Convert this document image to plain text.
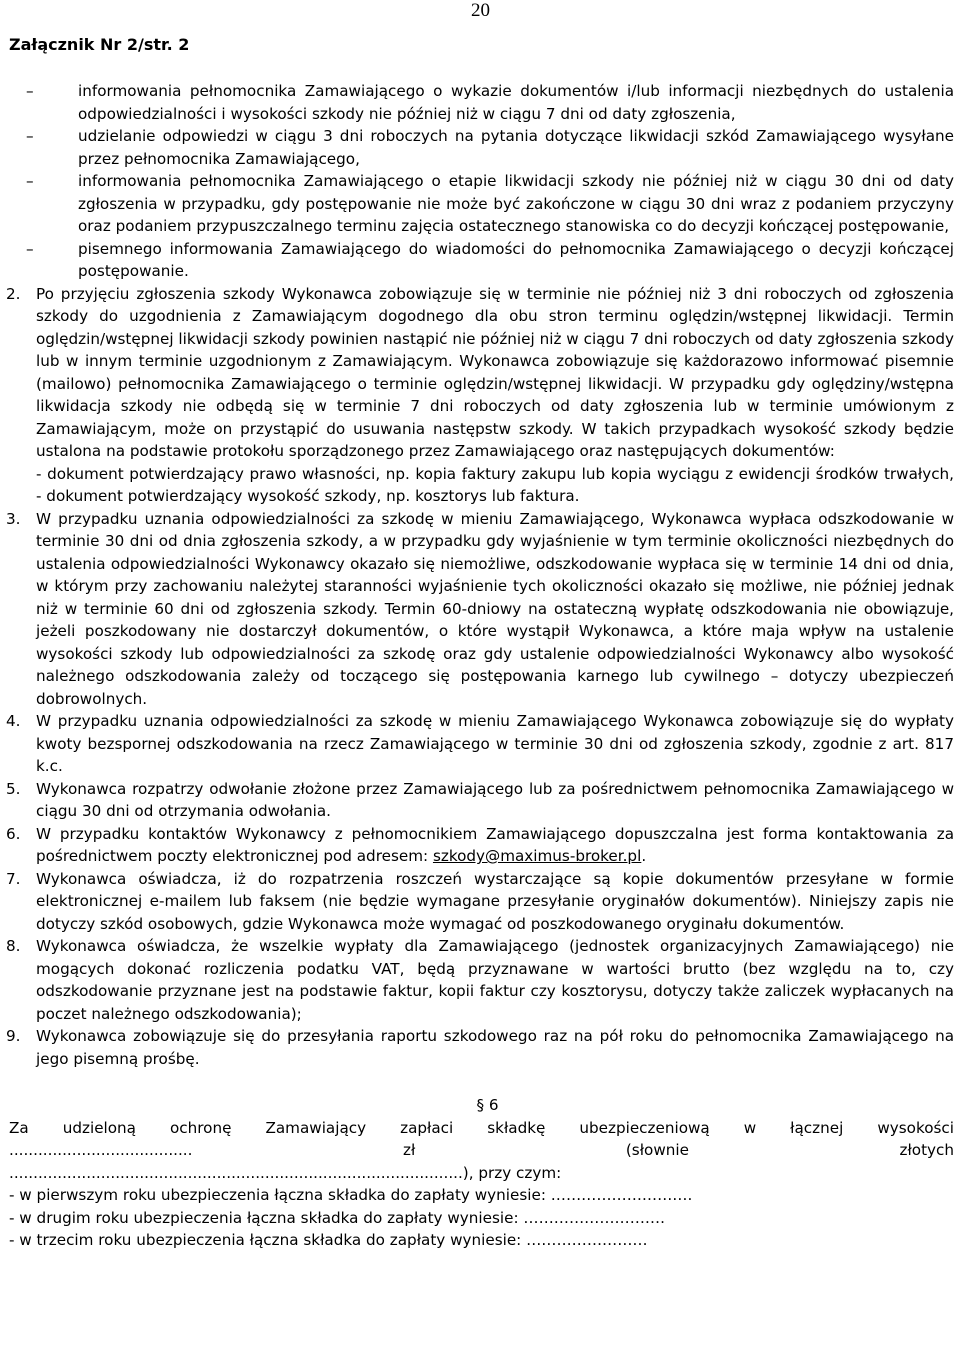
20
Załącznik Nr 2/str. 2
–	informowania pełnomocnika Zamawiającego o wykazie dokumentów i/lub informacji niezbędnych do ustalenia odpowiedzialności i wysokości szkody nie później niż w ciągu 7 dni od daty zgłoszenia,
–	udzielanie odpowiedzi w ciągu 3 dni roboczych na pytania dotyczące likwidacji szkód Zamawiającego wysyłane przez pełnomocnika Zamawiającego,
–	informowania pełnomocnika Zamawiającego o etapie likwidacji szkody nie później niż w ciągu 30 dni od daty zgłoszenia w przypadku, gdy postępowanie nie może być zakończone w ciągu 30 dni wraz z podaniem przyczyny oraz podaniem przypuszczalnego terminu zajęcia ostatecznego stanowiska co do decyzji kończącej postępowanie,
–	pisemnego informowania Zamawiającego do wiadomości do pełnomocnika Zamawiającego o decyzji kończącej postępowanie.
2. Po przyjęciu zgłoszenia szkody Wykonawca zobowiązuje się w terminie nie później niż 3 dni roboczych od zgłoszenia szkody do uzgodnienia z Zamawiającym dogodnego dla obu stron terminu oględzin/wstępnej likwidacji. Termin oględzin/wstępnej likwidacji szkody powinien nastąpić nie później niż w ciągu 7 dni roboczych od daty zgłoszenia szkody lub w innym terminie uzgodnionym z Zamawiającym. Wykonawca zobowiązuje się każdorazowo informować pisemnie (mailowo) pełnomocnika Zamawiającego o terminie oględzin/wstępnej likwidacji. W przypadku gdy oględziny/wstępna likwidacja szkody nie odbędą się w terminie 7 dni roboczych od daty zgłoszenia lub w terminie umówionym z Zamawiającym, może on przystąpić do usuwania następstw szkody. W takich przypadkach wysokość szkody będzie ustalona na podstawie protokołu sporządzonego przez Zamawiającego oraz następujących dokumentów:
- dokument potwierdzający prawo własności, np. kopia faktury zakupu lub kopia wyciągu z ewidencji środków trwałych,
- dokument potwierdzający wysokość szkody, np. kosztorys lub faktura.
3. W przypadku uznania odpowiedzialności za szkodę w mieniu Zamawiającego, Wykonawca wypłaca odszkodowanie w terminie 30 dni od dnia zgłoszenia szkody, a w przypadku gdy wyjaśnienie w tym terminie okoliczności niezbędnych do ustalenia odpowiedzialności Wykonawcy okazało się niemożliwe, odszkodowanie wypłaca się w terminie 14 dni od dnia, w którym przy zachowaniu należytej staranności wyjaśnienie tych okoliczności okazało się możliwe, nie później jednak niż w terminie 60 dni od zgłoszenia szkody. Termin 60-dniowy na ostateczną wypłatę odszkodowania nie obowiązuje, jeżeli poszkodowany nie dostarczył dokumentów, o które wystąpił Wykonawca, a które maja wpływ na ustalenie wysokości szkody lub odpowiedzialności za szkodę oraz gdy ustalenie odpowiedzialności Wykonawcy albo wysokość należnego odszkodowania zależy od toczącego się postępowania karnego lub cywilnego – dotyczy ubezpieczeń dobrowolnych.
4. W przypadku uznania odpowiedzialności za szkodę w mieniu Zamawiającego Wykonawca zobowiązuje się do wypłaty kwoty bezspornej odszkodowania na rzecz Zamawiającego w terminie 30 dni od zgłoszenia szkody, zgodnie z art. 817 k.c.
5. Wykonawca rozpatrzy odwołanie złożone przez Zamawiającego lub za pośrednictwem pełnomocnika Zamawiającego w ciągu 30 dni od otrzymania odwołania.
6. W przypadku kontaktów Wykonawcy z pełnomocnikiem Zamawiającego dopuszczalna jest forma kontaktowania za pośrednictwem poczty elektronicznej pod adresem: szkody@maximus-broker.pl.
7. Wykonawca oświadcza, iż do rozpatrzenia roszczeń wystarczające są kopie dokumentów przesyłane w formie elektronicznej e-mailem lub faksem (nie będzie wymagane przesyłanie oryginałów dokumentów). Niniejszy zapis nie dotyczy szkód osobowych, gdzie Wykonawca może wymagać od poszkodowanego oryginału dokumentów.
8. Wykonawca oświadcza, że wszelkie wypłaty dla Zamawiającego (jednostek organizacyjnych Zamawiającego) nie mogących dokonać rozliczenia podatku VAT, będą przyznawane w wartości brutto (bez względu na to, czy odszkodowanie przyznane jest na podstawie faktur, kopii faktur czy kosztorysu, dotyczy także zaliczek wypłacanych na poczet należnego odszkodowania);
9. Wykonawca zobowiązuje się do przesyłania raportu szkodowego raz na pół roku do pełnomocnika Zamawiającego na jego pisemną prośbę.
§ 6
Za udzieloną ochronę Zamawiający zapłaci składkę ubezpieczeniową w łącznej wysokości
......................................	zł	(słownie	złotych
..............................................................................................), przy czym:
- w pierwszym roku ubezpieczenia łączna składka do zapłaty wyniesie: ……………………….
- w drugim roku ubezpieczenia łączna składka do zapłaty wyniesie: ……………………….
- w trzecim roku ubezpieczenia łączna składka do zapłaty wyniesie: ……………………
